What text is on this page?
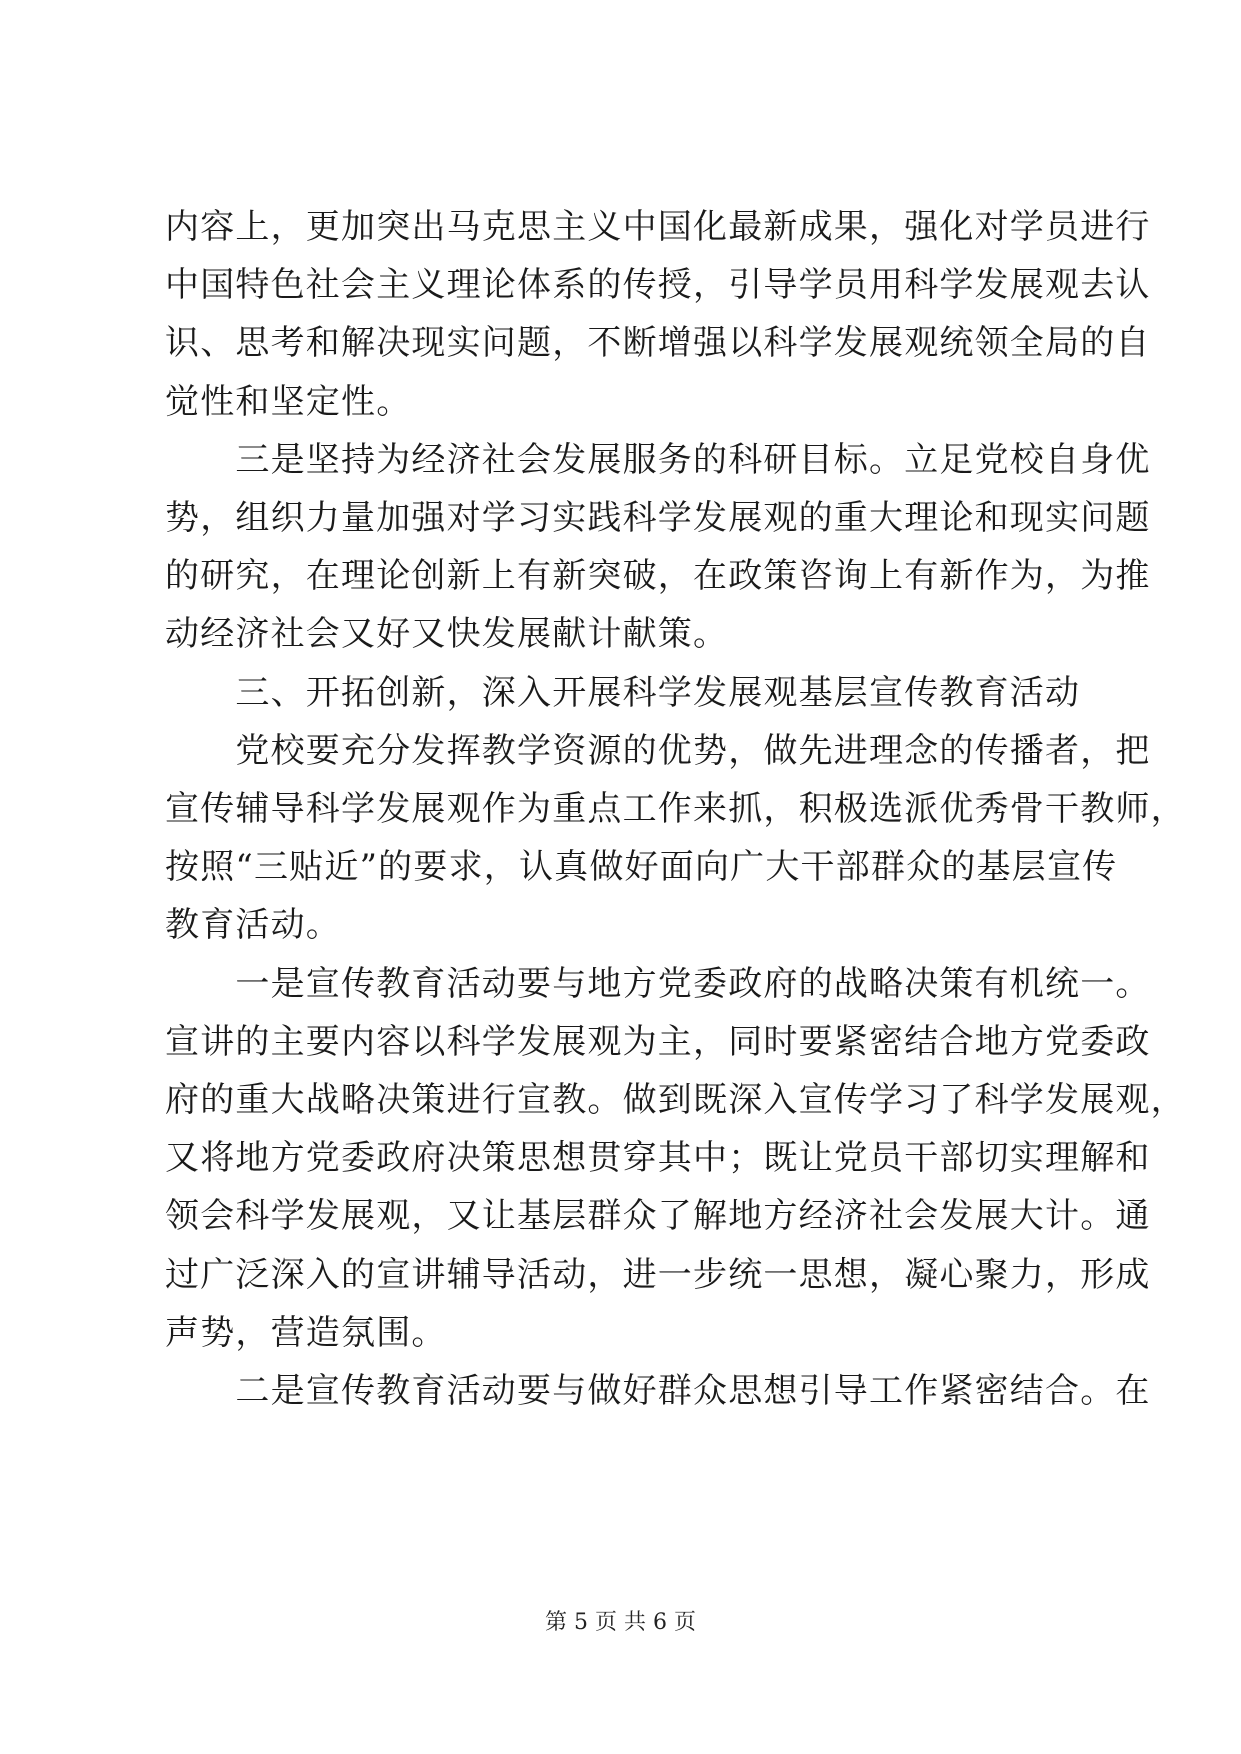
内容上，更加突出马克思主义中国化最新成果，强化对学员进行
中国特色社会主义理论体系的传授，引导学员用科学发展观去认
识、思考和解决现实问题，不断增强以科学发展观统领全局的自
觉性和坚定性。
　　三是坚持为经济社会发展服务的科研目标。立足党校自身优
势，组织力量加强对学习实践科学发展观的重大理论和现实问题
的研究，在理论创新上有新突破，在政策咨询上有新作为，为推
动经济社会又好又快发展献计献策。
　　三、开拓创新，深入开展科学发展观基层宣传教育活动
　　党校要充分发挥教学资源的优势，做先进理念的传播者，把
宣传辅导科学发展观作为重点工作来抓，积极选派优秀骨干教师，
按照“三贴近”的要求，认真做好面向广大干部群众的基层宣传
教育活动。
　　一是宣传教育活动要与地方党委政府的战略决策有机统一。
宣讲的主要内容以科学发展观为主，同时要紧密结合地方党委政
府的重大战略决策进行宣教。做到既深入宣传学习了科学发展观，
又将地方党委政府决策思想贯穿其中；既让党员干部切实理解和
领会科学发展观，又让基层群众了解地方经济社会发展大计。通
过广泛深入的宣讲辅导活动，进一步统一思想，凝心聚力，形成
声势，营造氛围。
　　二是宣传教育活动要与做好群众思想引导工作紧密结合。在
第 5 页 共 6 页
